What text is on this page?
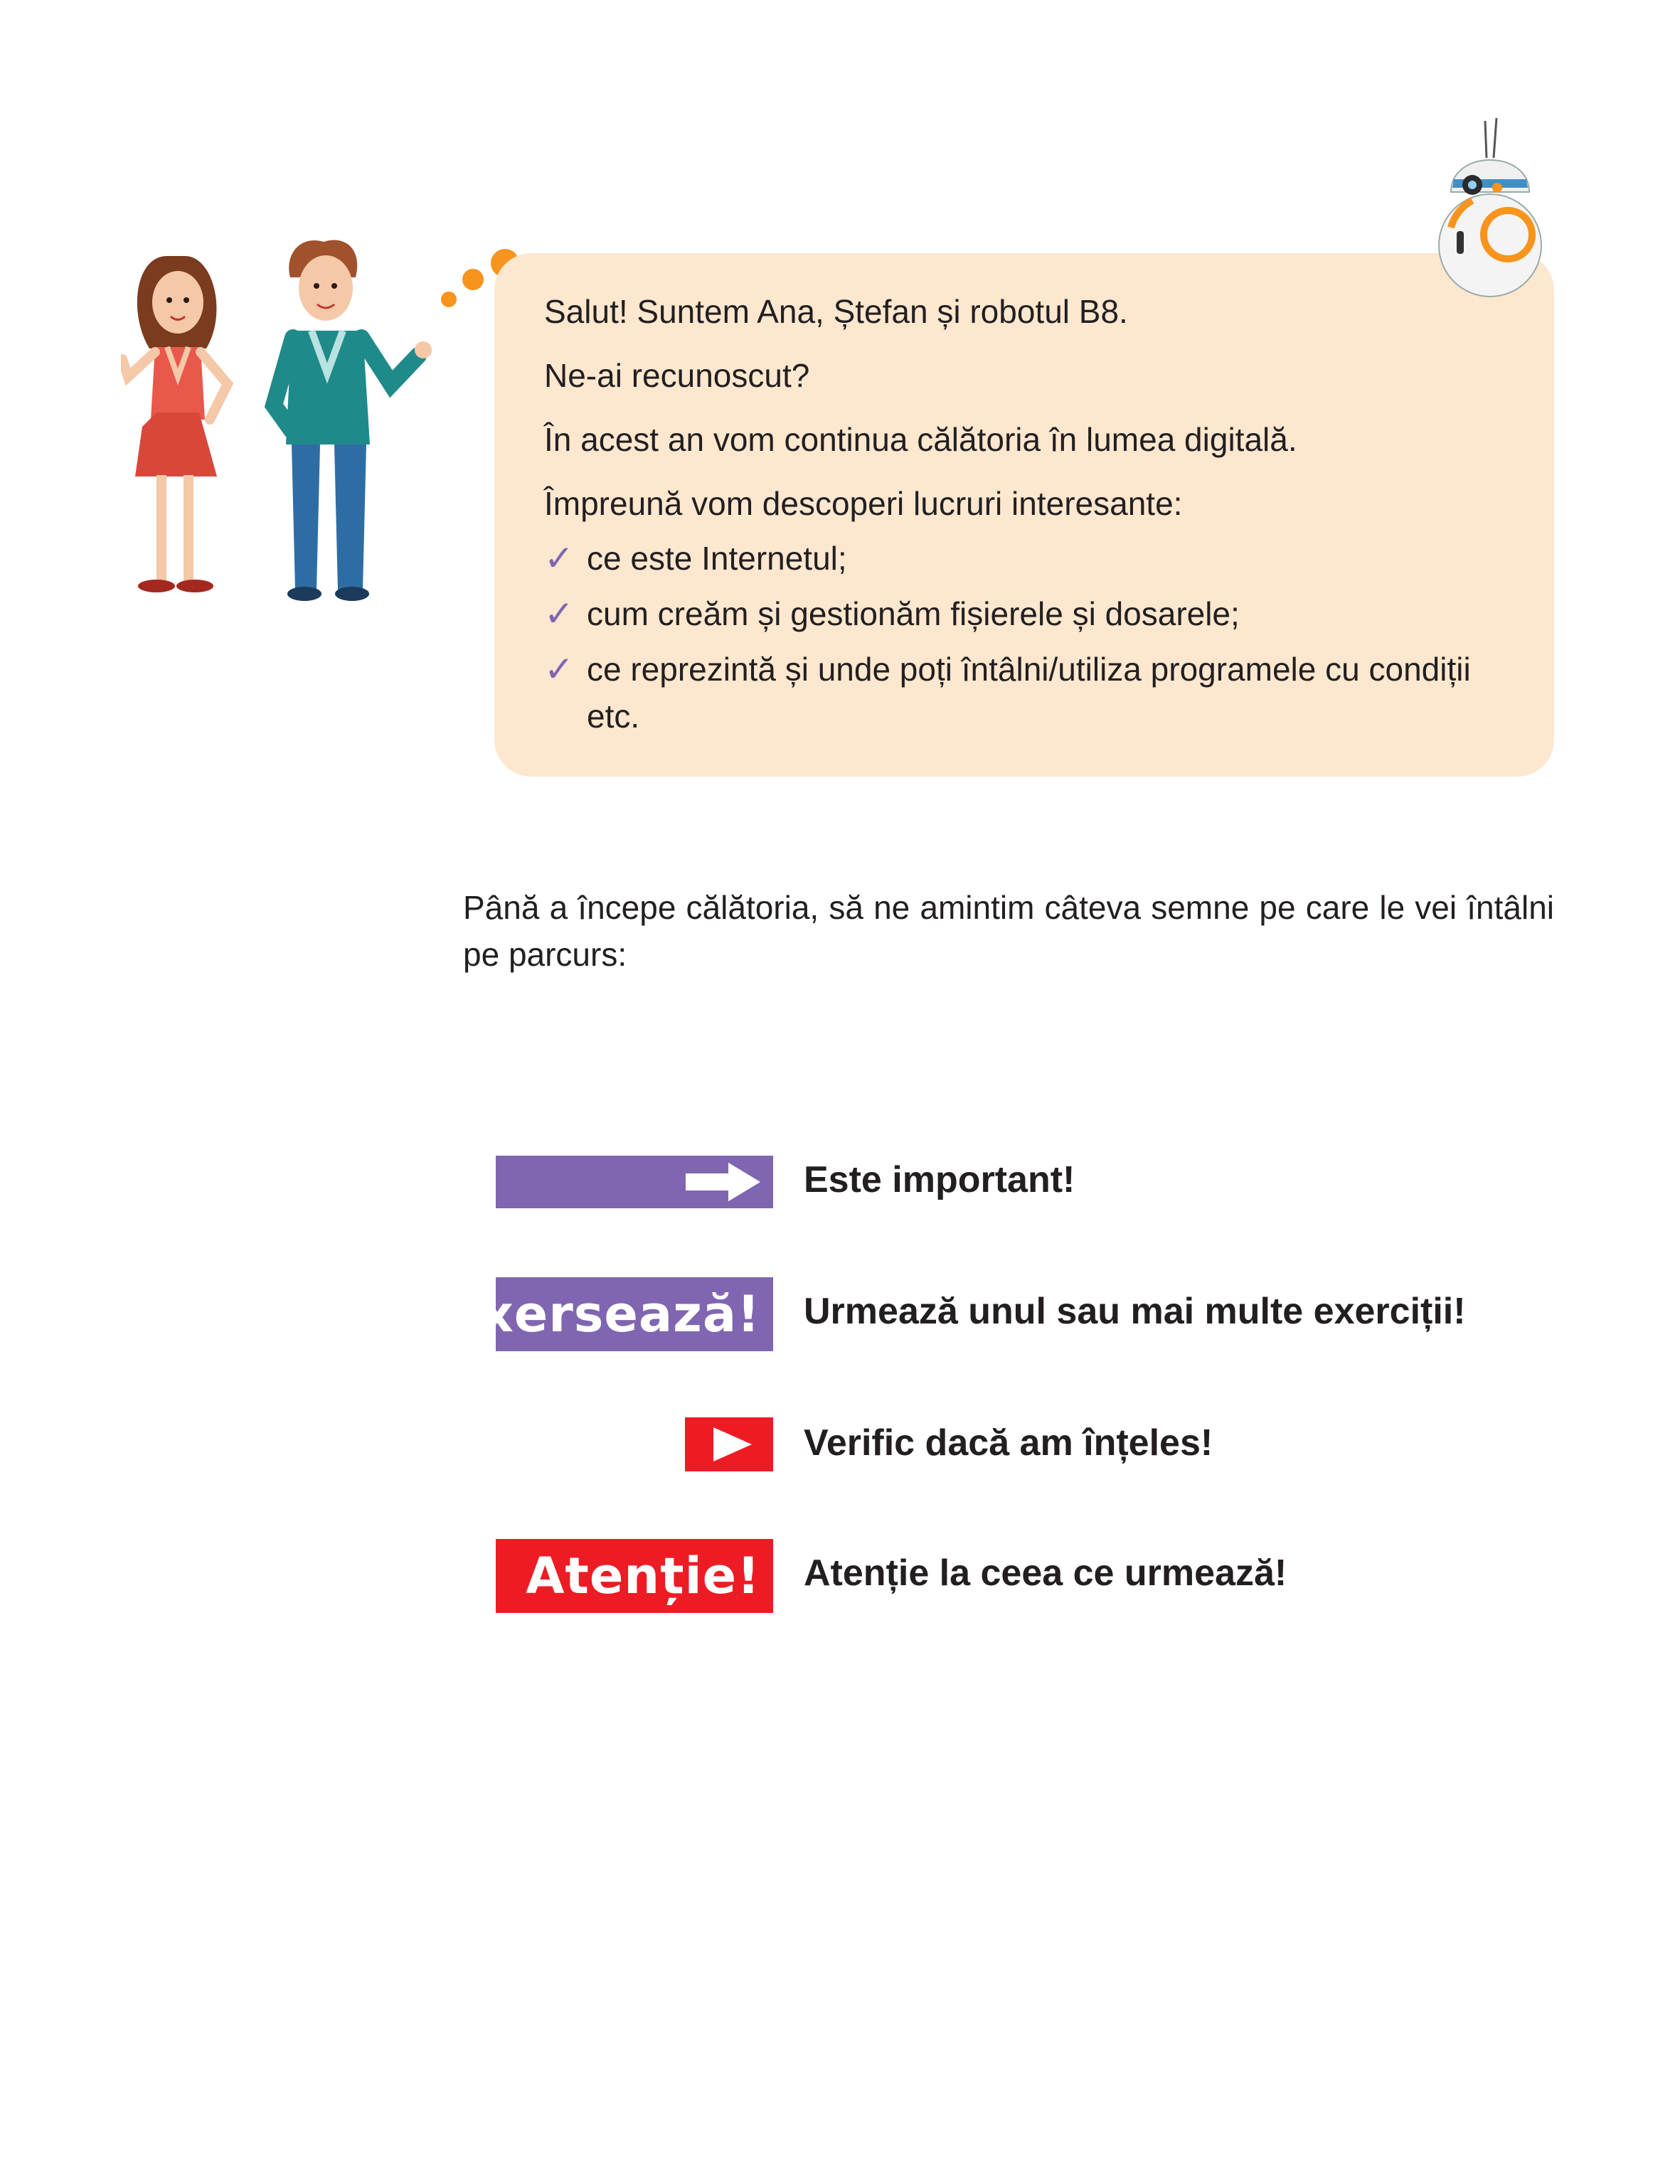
Salut! Suntem Ana, Ștefan și robotul B8.

Ne-ai recunoscut?

În acest an vom continua călătoria în lumea digitală.

Împreună vom descoperi lucruri interesante:

✓ ce este Internetul;
✓ cum creăm și gestionăm fișierele și dosarele;
✓ ce reprezintă și unde poți întâlni/utiliza programele cu condiții etc.

Până a începe călătoria, să ne amintim câteva semne pe care le vei întâlni pe parcurs:

Este important!
Exersează! Urmează unul sau mai multe exerciții!
Verific dacă am înțeles!
Atenție! Atenție la ceea ce urmează!
